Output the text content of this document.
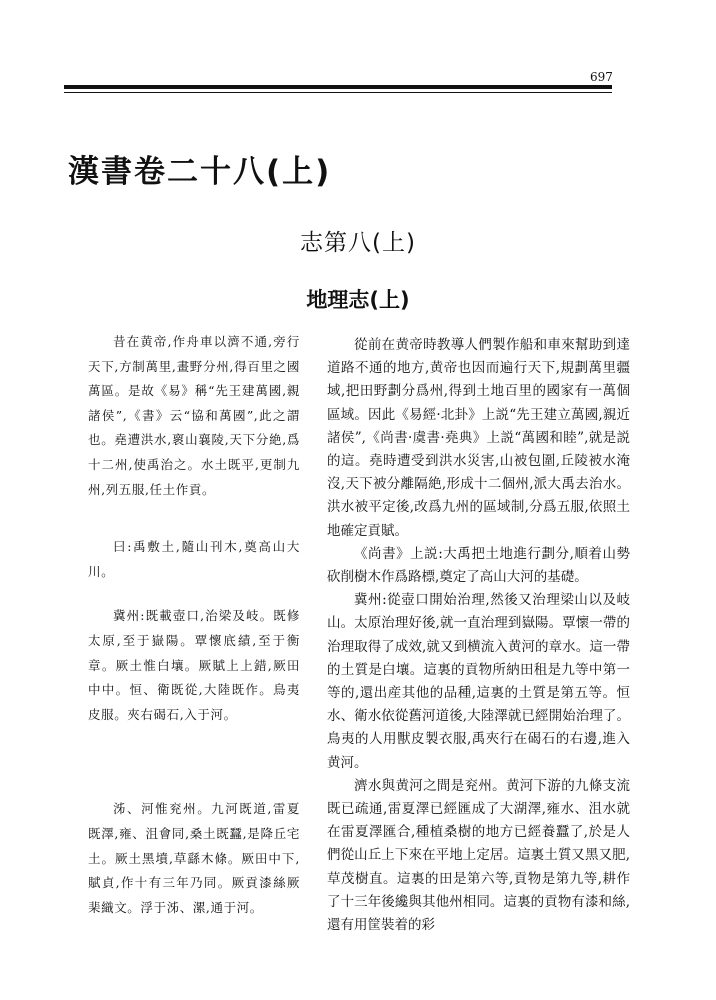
697
漢書卷二十八(上)
志第八(上)
地理志(上)

昔在黄帝,作舟車以濟不通,旁行天下,方制萬里,畫野分州,得百里之國萬區。是故《易》稱“先王建萬國,親諸侯”,《書》云“協和萬國”,此之謂也。堯遭洪水,褱山襄陵,天下分絶,爲十二州,使禹治之。水土既平,更制九州,列五服,任土作貢。

曰:禹敷土,隨山刊木,奠高山大川。

冀州:既載壺口,治梁及岐。既修太原,至于嶽陽。覃懷底績,至于衡章。厥土惟白壤。厥賦上上錯,厥田中中。恒、衛既從,大陸既作。鳥夷皮服。夾右碣石,入于河。

泲、河惟兖州。九河既道,雷夏既澤,雍、沮會同,桑土既蠶,是降丘宅土。厥土黑墳,草繇木條。厥田中下,賦貞,作十有三年乃同。厥貢漆絲厥棐織文。浮于泲、漯,通于河。

從前在黄帝時教導人們製作船和車來幫助到達道路不通的地方,黄帝也因而遍行天下,規劃萬里疆域,把田野劃分爲州,得到土地百里的國家有一萬個區域。因此《易經·北卦》上説“先王建立萬國,親近諸侯”,《尚書·虞書·堯典》上説“萬國和睦”,就是説的這。堯時遭受到洪水災害,山被包圍,丘陵被水淹沒,天下被分離隔絶,形成十二個州,派大禹去治水。洪水被平定後,改爲九州的區域制,分爲五服,依照土地確定貢賦。

《尚書》上説:大禹把土地進行劃分,順着山勢砍削樹木作爲路標,奠定了高山大河的基礎。

冀州:從壺口開始治理,然後又治理梁山以及岐山。太原治理好後,就一直治理到嶽陽。覃懷一帶的治理取得了成效,就又到横流入黄河的章水。這一帶的土質是白壤。這裏的貢物所納田租是九等中第一等的,還出産其他的品種,這裏的土質是第五等。恒水、衛水依從舊河道後,大陸澤就已經開始治理了。鳥夷的人用獸皮製衣服,禹夾行在碣石的右邊,進入黄河。

濟水與黄河之間是兖州。黄河下游的九條支流既已疏通,雷夏澤已經匯成了大湖澤,雍水、沮水就在雷夏澤匯合,種植桑樹的地方已經養蠶了,於是人們從山丘上下來在平地上定居。這裏土質又黑又肥,草茂樹直。這裏的田是第六等,貢物是第九等,耕作了十三年後纔與其他州相同。這裏的貢物有漆和絲,還有用筐裝着的彩
